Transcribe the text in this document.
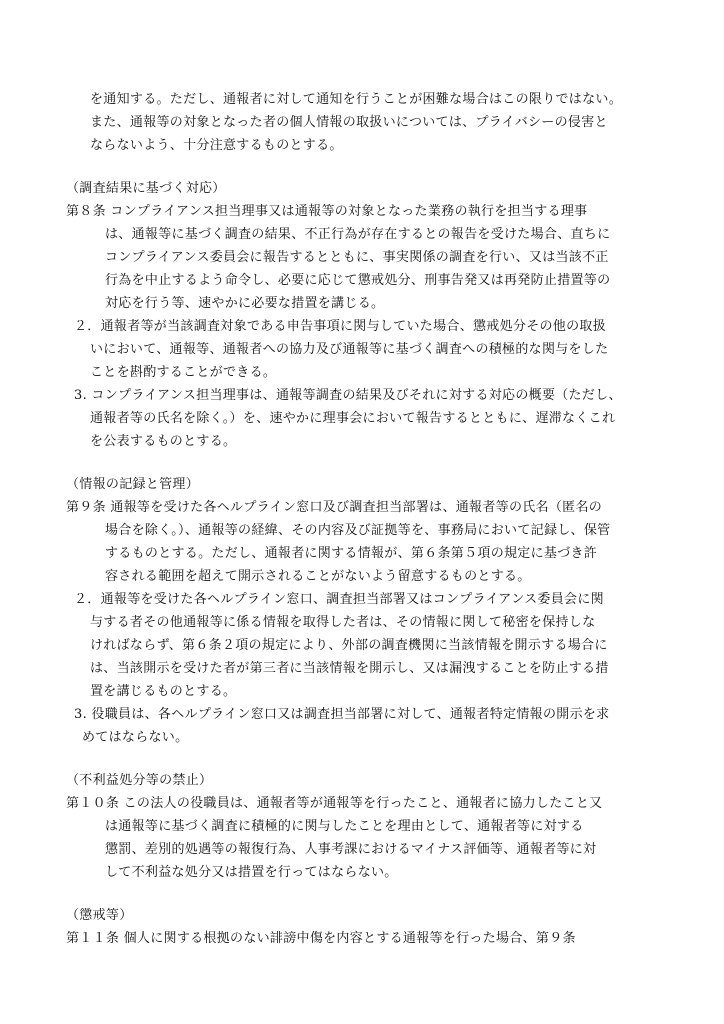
を通知する。ただし、通報者に対して通知を行うことが困難な場合はこの限りではない。
また、通報等の対象となった者の個人情報の取扱いについては、プライバシーの侵害と
ならないよう、十分注意するものとする。
（調査結果に基づく対応）
第８条 コンプライアンス担当理事又は通報等の対象となった業務の執行を担当する理事
は、通報等に基づく調査の結果、不正行為が存在するとの報告を受けた場合、直ちに
コンプライアンス委員会に報告するとともに、事実関係の調査を行い、又は当該不正
行為を中止するよう命令し、必要に応じて懲戒処分、刑事告発又は再発防止措置等の
対応を行う等、速やかに必要な措置を講じる。
２．通報者等が当該調査対象である申告事項に関与していた場合、懲戒処分その他の取扱
いにおいて、通報等、通報者への協力及び通報等に基づく調査への積極的な関与をした
ことを斟酌することができる。
3. コンプライアンス担当理事は、通報等調査の結果及びそれに対する対応の概要（ただし、
通報者等の氏名を除く。）を、速やかに理事会において報告するとともに、遅滞なくこれ
を公表するものとする。
（情報の記録と管理）
第９条 通報等を受けた各ヘルプライン窓口及び調査担当部署は、通報者等の氏名（匿名の
場合を除く。）、通報等の経緯、その内容及び証拠等を、事務局において記録し、保管
するものとする。ただし、通報者に関する情報が、第６条第５項の規定に基づき許
容される範囲を超えて開示されることがないよう留意するものとする。
２．通報等を受けた各ヘルプライン窓口、調査担当部署又はコンプライアンス委員会に関
与する者その他通報等に係る情報を取得した者は、その情報に関して秘密を保持しな
ければならず、第６条２項の規定により、外部の調査機関に当該情報を開示する場合に
は、当該開示を受けた者が第三者に当該情報を開示し、又は漏洩することを防止する措
置を講じるものとする。
3. 役職員は、各ヘルプライン窓口又は調査担当部署に対して、通報者特定情報の開示を求
めてはならない。
（不利益処分等の禁止）
第１０条 この法人の役職員は、通報者等が通報等を行ったこと、通報者に協力したこと又
は通報等に基づく調査に積極的に関与したことを理由として、通報者等に対する
懲罰、差別的処遇等の報復行為、人事考課におけるマイナス評価等、通報者等に対
して不利益な処分又は措置を行ってはならない。
（懲戒等）
第１１条 個人に関する根拠のない誹謗中傷を内容とする通報等を行った場合、第９条
